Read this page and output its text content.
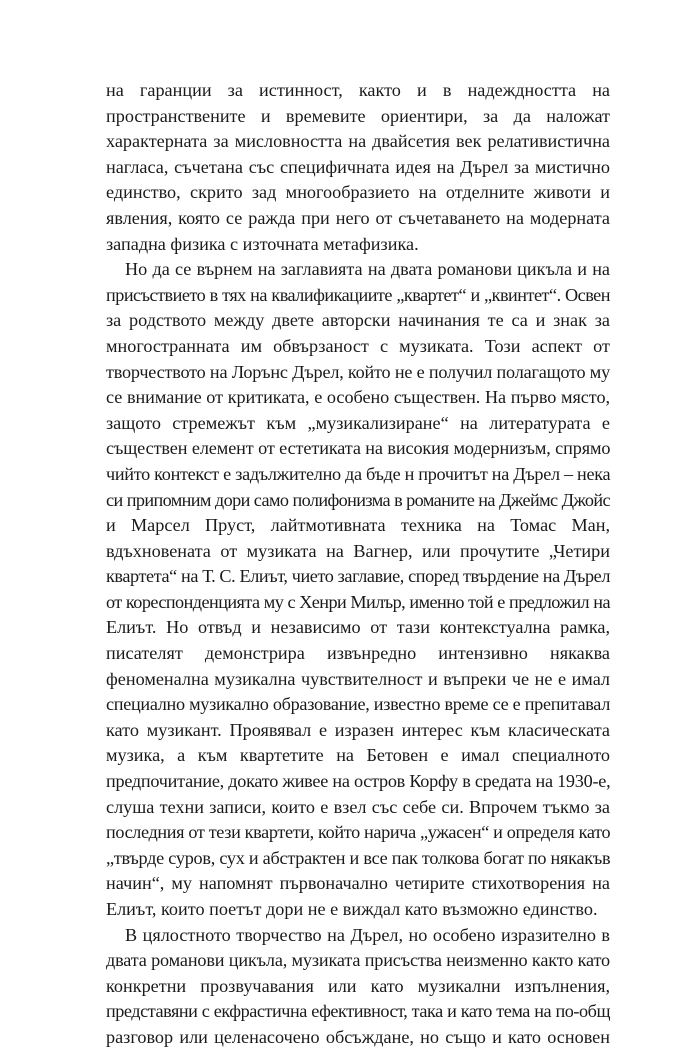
на гаранции за истинност, както и в надеждността на
пространствените и времевите ориентири, за да наложат
характерната за мисловността на двайсетия век релативистична
нагласа, съчетана със специфичната идея на Дърел за мистично
единство, скрито зад многообразието на отделните животи и
явления, която се ражда при него от съчетаването на модерната
западна физика с източната метафизика.
Но да се върнем на заглавията на двата романови цикъла и на
присъствието в тях на квалификациите „квартет“ и „квинтет“. Освен
за родството между двете авторски начинания те са и знак за
многостранната им обвързаност с музиката. Този аспект от
творчеството на Лорънс Дърел, който не е получил полагащото му
се внимание от критиката, е особено съществен. На първо място,
защото стремежът към „музикализиране“ на литературата е
съществен елемент от естетиката на високия модернизъм, спрямо
чийто контекст е задължително да бъде н прочитът на Дърел – нека
си припомним дори само полифонизма в романите на Джеймс Джойс
и Марсел Пруст, лайтмотивната техника на Томас Ман,
вдъхновената от музиката на Вагнер, или прочутите „Четири
квартета“ на Т. С. Елиът, чието заглавие, според твърдение на Дърел
от кореспонденцията му с Хенри Милър, именно той е предложил на
Елиът. Но отвъд и независимо от тази контекстуална рамка,
писателят демонстрира извънредно интензивно някаква
феноменална музикална чувствителност и въпреки че не е имал
специално музикално образование, известно време се е препитавал
като музикант. Проявявал е изразен интерес към класическата
музика, а към квартетите на Бетовен е имал специалното
предпочитание, докато живее на остров Корфу в средата на 1930-е,
слуша техни записи, които е взел със себе си. Впрочем тъкмо за
последния от тези квартети, който нарича „ужасен“ и определя като
„твърде суров, сух и абстрактен и все пак толкова богат по някакъв
начин“, му напомнят първоначално четирите стихотворения на
Елиът, които поетът дори не е виждал като възможно единство.
В цялостното творчество на Дърел, но особено изразително в
двата романови цикъла, музиката присъства неизменно както като
конкретни прозвучавания или като музикални изпълнения,
представяни с екфрастична ефективност, така и като тема на по-общ
разговор или целенасочено обсъждане, но също и като основен
